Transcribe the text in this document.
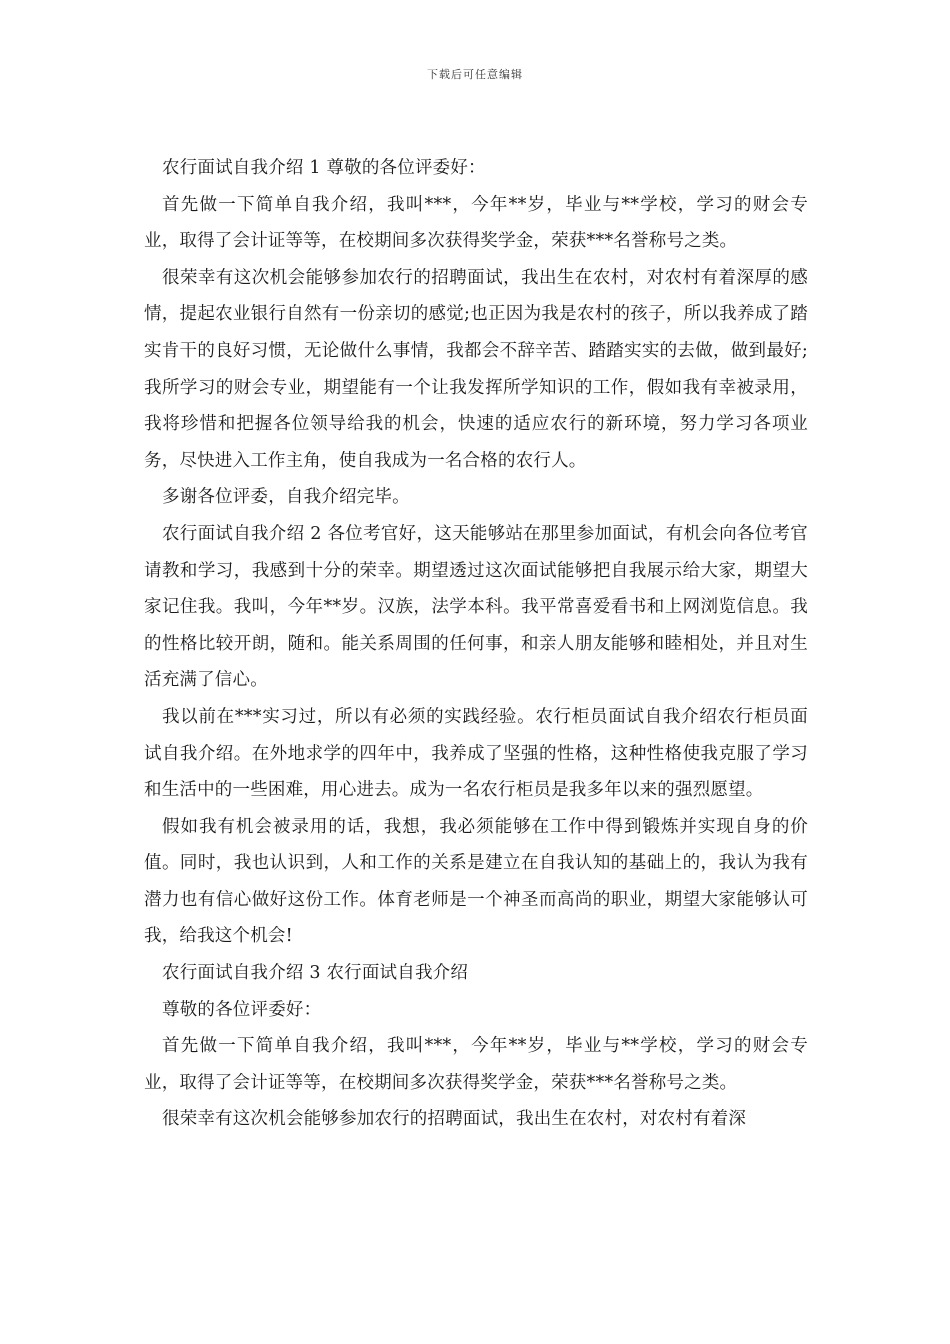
下载后可任意编辑

农行面试自我介绍 1 尊敬的各位评委好：

首先做一下简单自我介绍，我叫***，今年**岁，毕业与**学校，学习的财会专业，取得了会计证等等，在校期间多次获得奖学金，荣获***名誉称号之类。

很荣幸有这次机会能够参加农行的招聘面试，我出生在农村，对农村有着深厚的感情，提起农业银行自然有一份亲切的感觉;也正因为我是农村的孩子，所以我养成了踏实肯干的良好习惯，无论做什么事情，我都会不辞辛苦、踏踏实实的去做，做到最好;我所学习的财会专业，期望能有一个让我发挥所学知识的工作，假如我有幸被录用，我将珍惜和把握各位领导给我的机会，快速的适应农行的新环境，努力学习各项业务，尽快进入工作主角，使自我成为一名合格的农行人。

多谢各位评委，自我介绍完毕。

农行面试自我介绍 2 各位考官好，这天能够站在那里参加面试，有机会向各位考官请教和学习，我感到十分的荣幸。期望透过这次面试能够把自我展示给大家，期望大家记住我。我叫，今年**岁。汉族，法学本科。我平常喜爱看书和上网浏览信息。我的性格比较开朗，随和。能关系周围的任何事，和亲人朋友能够和睦相处，并且对生活充满了信心。

我以前在***实习过，所以有必须的实践经验。农行柜员面试自我介绍农行柜员面试自我介绍。在外地求学的四年中，我养成了坚强的性格，这种性格使我克服了学习和生活中的一些困难，用心进去。成为一名农行柜员是我多年以来的强烈愿望。

假如我有机会被录用的话，我想，我必须能够在工作中得到锻炼并实现自身的价值。同时，我也认识到，人和工作的关系是建立在自我认知的基础上的，我认为我有潜力也有信心做好这份工作。体育老师是一个神圣而高尚的职业，期望大家能够认可我，给我这个机会!

农行面试自我介绍 3 农行面试自我介绍

尊敬的各位评委好：

首先做一下简单自我介绍，我叫***，今年**岁，毕业与**学校，学习的财会专业，取得了会计证等等，在校期间多次获得奖学金，荣获***名誉称号之类。

很荣幸有这次机会能够参加农行的招聘面试，我出生在农村，对农村有着深
